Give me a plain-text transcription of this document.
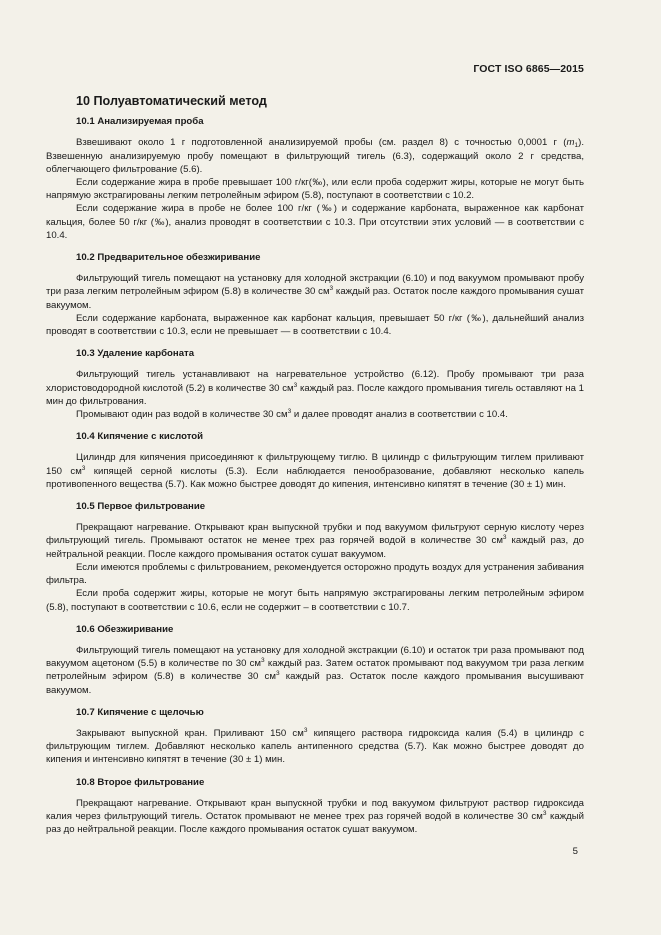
ГОСТ ISO 6865—2015
10 Полуавтоматический метод
10.1 Анализируемая проба

Взвешивают около 1 г подготовленной анализируемой пробы (см. раздел 8) с точностью 0,0001 г $(m_1)$. Взвешенную анализируемую пробу помещают в фильтрующий тигель (6.3), содержащий около 2 г средства, облегчающего фильтрование (5.6).

Если содержание жира в пробе превышает 100 г/кг(‰), или если проба содержит жиры, которые не могут быть напрямую экстрагированы легким петролейным эфиром (5.8), поступают в соответствии с 10.2.

Если содержание жира в пробе не более 100 г/кг (‰) и содержание карбоната, выраженное как карбонат кальция, более 50 г/кг (‰), анализ проводят в соответствии с 10.3. При отсутствии этих условий — в соответствии с 10.4.

10.2 Предварительное обезжиривание

Фильтрующий тигель помещают на установку для холодной экстракции (6.10) и под вакуумом промывают пробу три раза легким петролейным эфиром (5.8) в количестве 30 $см^3$ каждый раз. Остаток после каждого промывания сушат вакуумом.

Если содержание карбоната, выраженное как карбонат кальция, превышает 50 г/кг (‰), дальнейший анализ проводят в соответствии с 10.3, если не превышает — в соответствии с 10.4.

10.3 Удаление карбоната

Фильтрующий тигель устанавливают на нагревательное устройство (6.12). Пробу промывают три раза хлористоводородной кислотой (5.2) в количестве 30 $см^3$ каждый раз. После каждого промывания тигель оставляют на 1 мин до фильтрования.

Промывают один раз водой в количестве 30 $см^3$ и далее проводят анализ в соответствии с 10.4.

10.4 Кипячение с кислотой

Цилиндр для кипячения присоединяют к фильтрующему тиглю. В цилиндр с фильтрующим тиглем приливают 150 $см^3$ кипящей серной кислоты (5.3). Если наблюдается пенообразование, добавляют несколько капель противопенного вещества (5.7). Как можно быстрее доводят до кипения, интенсивно кипятят в течение (30 ± 1) мин.

10.5 Первое фильтрование

Прекращают нагревание. Открывают кран выпускной трубки и под вакуумом фильтруют серную кислоту через фильтрующий тигель. Промывают остаток не менее трех раз горячей водой в количестве 30 $см^3$ каждый раз, до нейтральной реакции. После каждого промывания остаток сушат вакуумом.

Если имеются проблемы с фильтрованием, рекомендуется осторожно продуть воздух для устранения забивания фильтра.

Если проба содержит жиры, которые не могут быть напрямую экстрагированы легким петролейным эфиром (5.8), поступают в соответствии с 10.6, если не содержит – в соответствии с 10.7.

10.6 Обезжиривание

Фильтрующий тигель помещают на установку для холодной экстракции (6.10) и остаток три раза промывают под вакуумом ацетоном (5.5) в количестве по 30 $см^3$ каждый раз. Затем остаток промывают под вакуумом три раза легким петролейным эфиром (5.8) в количестве 30 $см^3$ каждый раз. Остаток после каждого промывания высушивают вакуумом.

10.7 Кипячение с щелочью

Закрывают выпускной кран. Приливают 150 $см^3$ кипящего раствора гидроксида калия (5.4) в цилиндр с фильтрующим тиглем. Добавляют несколько капель антипенного средства (5.7). Как можно быстрее доводят до кипения и интенсивно кипятят в течение (30 ± 1) мин.

10.8 Второе фильтрование

Прекращают нагревание. Открывают кран выпускной трубки и под вакуумом фильтруют раствор гидроксида калия через фильтрующий тигель. Остаток промывают не менее трех раз горячей водой в количестве 30 $см^3$ каждый раз до нейтральной реакции. После каждого промывания остаток сушат вакуумом.

5
